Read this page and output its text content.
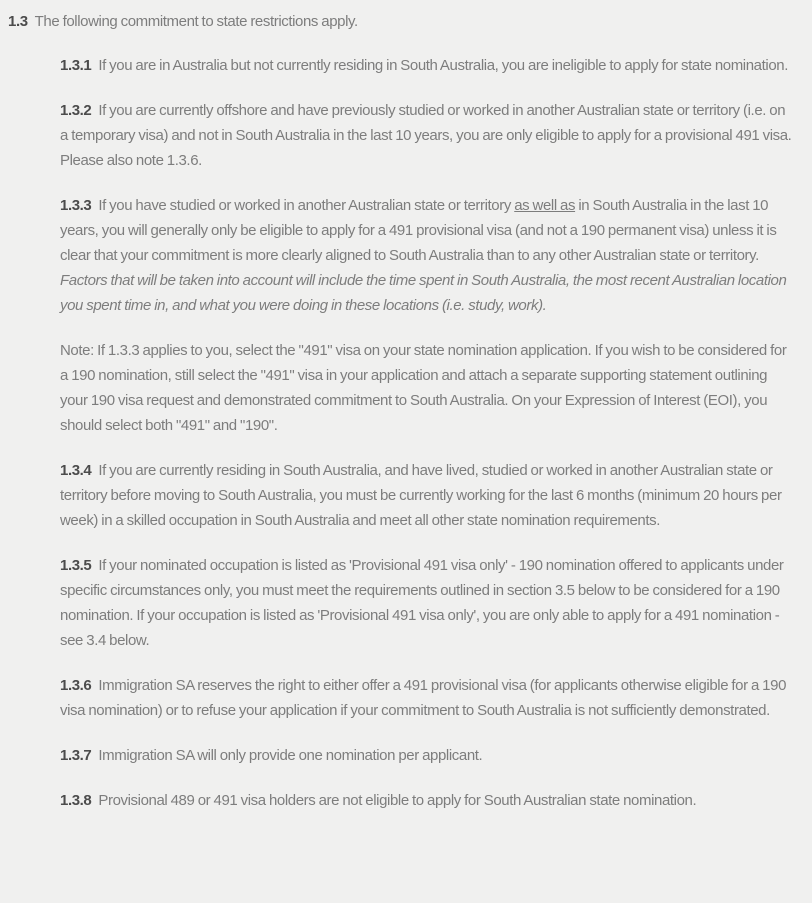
1.3 The following commitment to state restrictions apply.

1.3.1 If you are in Australia but not currently residing in South Australia, you are ineligible to apply for state nomination.

1.3.2 If you are currently offshore and have previously studied or worked in another Australian state or territory (i.e. on a temporary visa) and not in South Australia in the last 10 years, you are only eligible to apply for a provisional 491 visa. Please also note 1.3.6.

1.3.3 If you have studied or worked in another Australian state or territory as well as in South Australia in the last 10 years, you will generally only be eligible to apply for a 491 provisional visa (and not a 190 permanent visa) unless it is clear that your commitment is more clearly aligned to South Australia than to any other Australian state or territory.
Factors that will be taken into account will include the time spent in South Australia, the most recent Australian location you spent time in, and what you were doing in these locations (i.e. study, work).

Note: If 1.3.3 applies to you, select the "491" visa on your state nomination application. If you wish to be considered for a 190 nomination, still select the "491" visa in your application and attach a separate supporting statement outlining your 190 visa request and demonstrated commitment to South Australia. On your Expression of Interest (EOI), you should select both "491" and "190".

1.3.4 If you are currently residing in South Australia, and have lived, studied or worked in another Australian state or territory before moving to South Australia, you must be currently working for the last 6 months (minimum 20 hours per week) in a skilled occupation in South Australia and meet all other state nomination requirements.

1.3.5 If your nominated occupation is listed as 'Provisional 491 visa only' - 190 nomination offered to applicants under specific circumstances only, you must meet the requirements outlined in section 3.5 below to be considered for a 190 nomination. If your occupation is listed as 'Provisional 491 visa only', you are only able to apply for a 491 nomination - see 3.4 below.

1.3.6 Immigration SA reserves the right to either offer a 491 provisional visa (for applicants otherwise eligible for a 190 visa nomination) or to refuse your application if your commitment to South Australia is not sufficiently demonstrated.

1.3.7 Immigration SA will only provide one nomination per applicant.

1.3.8 Provisional 489 or 491 visa holders are not eligible to apply for South Australian state nomination.
